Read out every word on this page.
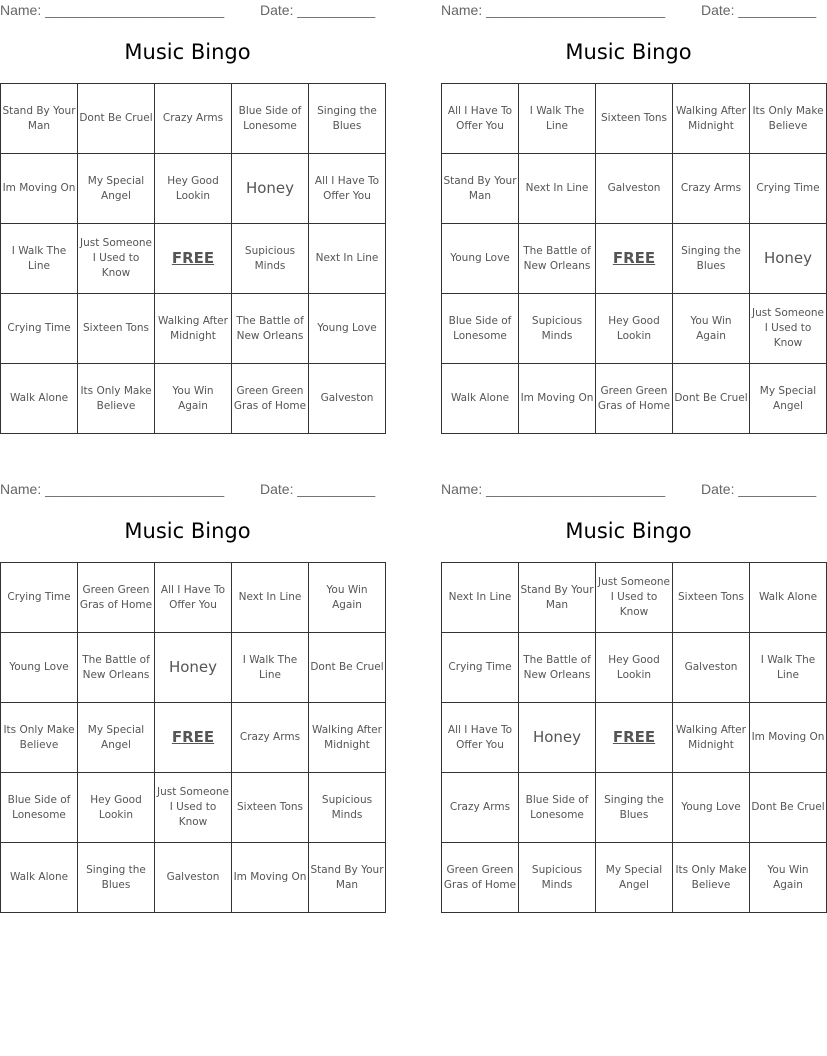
Name: _______________________	Date: __________
Music Bingo
Stand By Your Man	Dont Be Cruel	Crazy Arms	Blue Side of Lonesome	Singing the Blues
Im Moving On	My Special Angel	Hey Good Lookin	Honey	All I Have To Offer You
I Walk The Line	Just Someone I Used to Know	FREE	Supicious Minds	Next In Line
Crying Time	Sixteen Tons	Walking After Midnight	The Battle of New Orleans	Young Love
Walk Alone	Its Only Make Believe	You Win Again	Green Green Gras of Home	Galveston
Name: _______________________	Date: __________
Music Bingo
All I Have To Offer You	I Walk The Line	Sixteen Tons	Walking After Midnight	Its Only Make Believe
Stand By Your Man	Next In Line	Galveston	Crazy Arms	Crying Time
Young Love	The Battle of New Orleans	FREE	Singing the Blues	Honey
Blue Side of Lonesome	Supicious Minds	Hey Good Lookin	You Win Again	Just Someone I Used to Know
Walk Alone	Im Moving On	Green Green Gras of Home	Dont Be Cruel	My Special Angel
Name: _______________________	Date: __________
Music Bingo
Crying Time	Green Green Gras of Home	All I Have To Offer You	Next In Line	You Win Again
Young Love	The Battle of New Orleans	Honey	I Walk The Line	Dont Be Cruel
Its Only Make Believe	My Special Angel	FREE	Crazy Arms	Walking After Midnight
Blue Side of Lonesome	Hey Good Lookin	Just Someone I Used to Know	Sixteen Tons	Supicious Minds
Walk Alone	Singing the Blues	Galveston	Im Moving On	Stand By Your Man
Name: _______________________	Date: __________
Music Bingo
Next In Line	Stand By Your Man	Just Someone I Used to Know	Sixteen Tons	Walk Alone
Crying Time	The Battle of New Orleans	Hey Good Lookin	Galveston	I Walk The Line
All I Have To Offer You	Honey	FREE	Walking After Midnight	Im Moving On
Crazy Arms	Blue Side of Lonesome	Singing the Blues	Young Love	Dont Be Cruel
Green Green Gras of Home	Supicious Minds	My Special Angel	Its Only Make Believe	You Win Again
